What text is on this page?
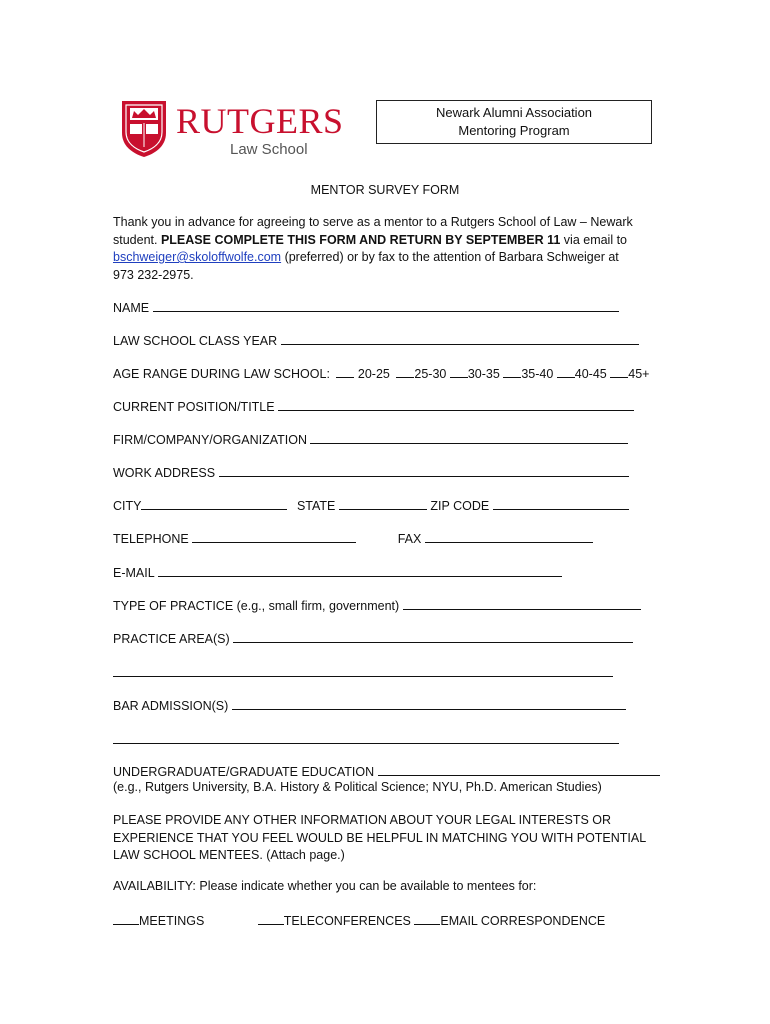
RUTGERS
Law School
Newark Alumni Association
Mentoring Program
MENTOR SURVEY FORM
Thank you in advance for agreeing to serve as a mentor to a Rutgers School of Law – Newark student. PLEASE COMPLETE THIS FORM AND RETURN BY SEPTEMBER 11 via email to bschweiger@skoloffwolfe.com (preferred) or by fax to the attention of Barbara Schweiger at 973 232-2975.
NAME
LAW SCHOOL CLASS YEAR
AGE RANGE DURING LAW SCHOOL: 20-25 25-30 30-35 35-40 40-45 45+
CURRENT POSITION/TITLE
FIRM/COMPANY/ORGANIZATION
WORK ADDRESS
CITY	STATE	ZIP CODE
TELEPHONE	FAX
E-MAIL
TYPE OF PRACTICE (e.g., small firm, government)
PRACTICE AREA(S)
BAR ADMISSION(S)
UNDERGRADUATE/GRADUATE EDUCATION
(e.g., Rutgers University, B.A. History & Political Science; NYU, Ph.D. American Studies)
PLEASE PROVIDE ANY OTHER INFORMATION ABOUT YOUR LEGAL INTERESTS OR EXPERIENCE THAT YOU FEEL WOULD BE HELPFUL IN MATCHING YOU WITH POTENTIAL LAW SCHOOL MENTEES. (Attach page.)
AVAILABILITY: Please indicate whether you can be available to mentees for:
MEETINGS	TELECONFERENCES EMAIL CORRESPONDENCE
